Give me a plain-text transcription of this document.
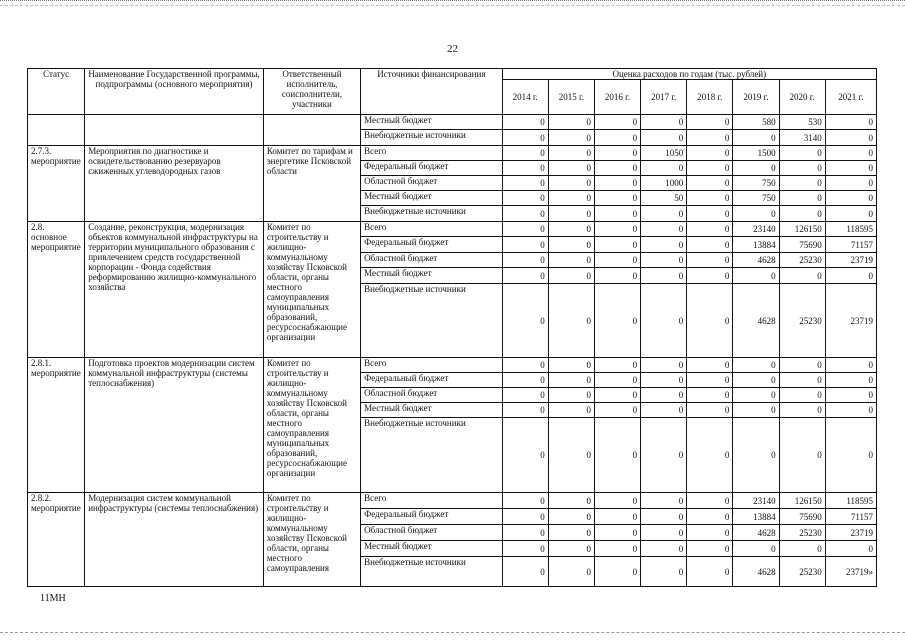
22
Статус	Наименование Государственной программы, подпрограммы (основного мероприятия)	Ответственный исполнитель, соисполнители, участники	Источники финансирования	Оценка расходов по годам (тыс. рублей)							
				2014 г.	2015 г.	2016 г.	2017 г.	2018 г.	2019 г.	2020 г.	2021 г.
			Местный бюджет	0	0	0	0	0	580	530	0
			Внебюджетные источники	0	0	0	0	0	0	3140	0
2.7.3. мероприятие	Мероприятия по диагностике и освидетельствованию резервуаров сжиженных углеводородных газов	Комитет по тарифам и энергетике Псковской области	Всего	0	0	0	1050	0	1500	0	0
			Федеральный бюджет	0	0	0	0	0	0	0	0
			Областной бюджет	0	0	0	1000	0	750	0	0
			Местный бюджет	0	0	0	50	0	750	0	0
			Внебюджетные источники	0	0	0	0	0	0	0	0
2.8. основное мероприятие	Создание, реконструкция, модернизация объектов коммунальной инфраструктуры на территории муниципального образования с привлечением средств государственной корпорации - Фонда содействия реформированию жилищно-коммунального хозяйства	Комитет по строительству и жилищно-коммунальному хозяйству Псковской области, органы местного самоуправления муниципальных образований, ресурсоснабжающие организации	Всего	0	0	0	0	0	23140	126150	118595
			Федеральный бюджет	0	0	0	0	0	13884	75690	71157
			Областной бюджет	0	0	0	0	0	4628	25230	23719
			Местный бюджет	0	0	0	0	0	0	0	0
			Внебюджетные источники	0	0	0	0	0	4628	25230	23719
2.8.1. мероприятие	Подготовка проектов модернизации систем коммунальной инфраструктуры (системы теплоснабжения)	Комитет по строительству и жилищно-коммунальному хозяйству Псковской области, органы местного самоуправления муниципальных образований, ресурсоснабжающие организации	Всего	0	0	0	0	0	0	0	0
			Федеральный бюджет	0	0	0	0	0	0	0	0
			Областной бюджет	0	0	0	0	0	0	0	0
			Местный бюджет	0	0	0	0	0	0	0	0
			Внебюджетные источники	0	0	0	0	0	0	0	0
2.8.2. мероприятие	Модернизация систем коммунальной инфраструктуры (системы теплоснабжения)	Комитет по строительству и жилищно-коммунальному хозяйству Псковской области, органы местного самоуправления	Всего	0	0	0	0	0	23140	126150	118595
			Федеральный бюджет	0	0	0	0	0	13884	75690	71157
			Областной бюджет	0	0	0	0	0	4628	25230	23719
			Местный бюджет	0	0	0	0	0	0	0	0
			Внебюджетные источники	0	0	0	0	0	4628	25230	23719»
11МН
